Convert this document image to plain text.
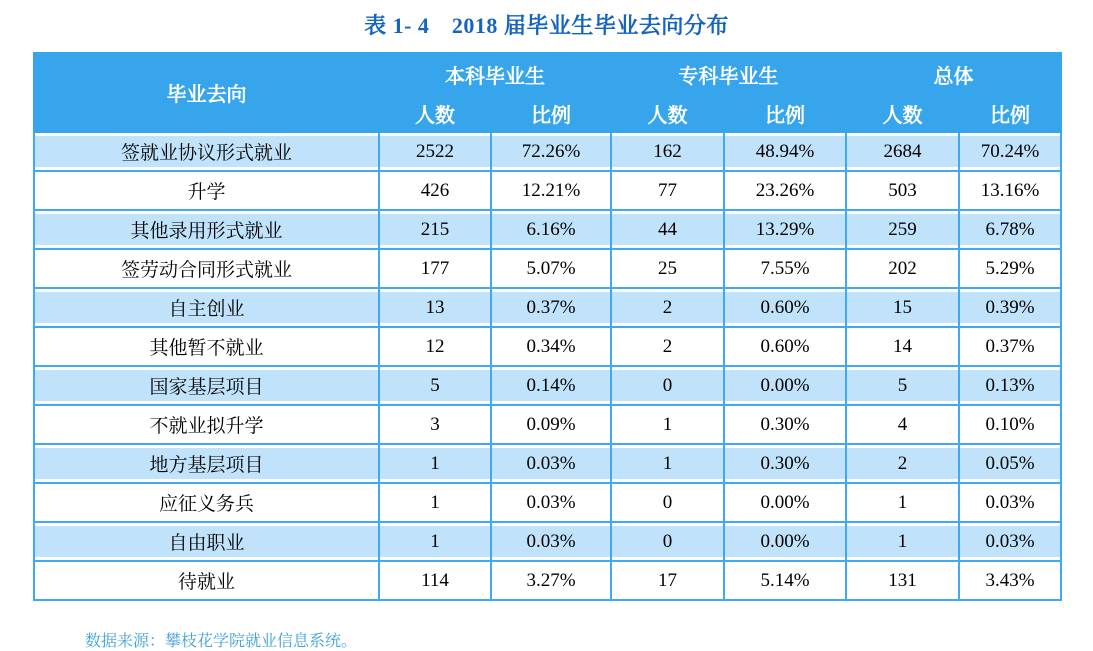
表 1- 4　2018 届毕业生毕业去向分布
毕业去向	本科毕业生		专科毕业生		总体	
	人数	比例	人数	比例	人数	比例
签就业协议形式就业	2522	72.26%	162	48.94%	2684	70.24%
升学	426	12.21%	77	23.26%	503	13.16%
其他录用形式就业	215	6.16%	44	13.29%	259	6.78%
签劳动合同形式就业	177	5.07%	25	7.55%	202	5.29%
自主创业	13	0.37%	2	0.60%	15	0.39%
其他暂不就业	12	0.34%	2	0.60%	14	0.37%
国家基层项目	5	0.14%	0	0.00%	5	0.13%
不就业拟升学	3	0.09%	1	0.30%	4	0.10%
地方基层项目	1	0.03%	1	0.30%	2	0.05%
应征义务兵	1	0.03%	0	0.00%	1	0.03%
自由职业	1	0.03%	0	0.00%	1	0.03%
待就业	114	3.27%	17	5.14%	131	3.43%

数据来源：攀枝花学院就业信息系统。
